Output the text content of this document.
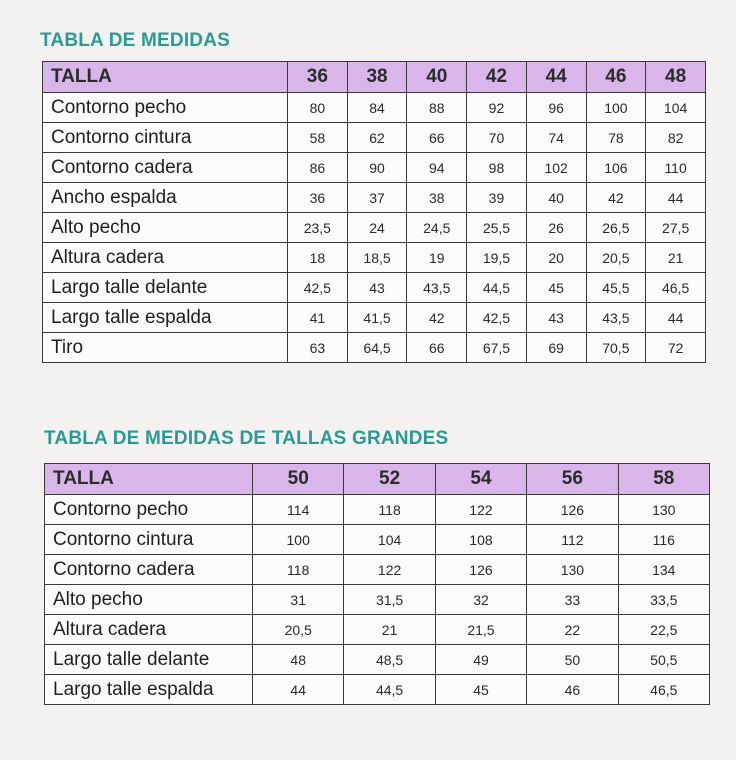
TABLA DE MEDIDAS
TALLA	36	38	40	42	44	46	48
Contorno pecho	80	84	88	92	96	100	104
Contorno cintura	58	62	66	70	74	78	82
Contorno cadera	86	90	94	98	102	106	110
Ancho espalda	36	37	38	39	40	42	44
Alto pecho	23,5	24	24,5	25,5	26	26,5	27,5
Altura cadera	18	18,5	19	19,5	20	20,5	21
Largo talle delante	42,5	43	43,5	44,5	45	45,5	46,5
Largo talle espalda	41	41,5	42	42,5	43	43,5	44
Tiro	63	64,5	66	67,5	69	70,5	72
TABLA DE MEDIDAS DE TALLAS GRANDES
TALLA	50	52	54	56	58
Contorno pecho	114	118	122	126	130
Contorno cintura	100	104	108	112	116
Contorno cadera	118	122	126	130	134
Alto pecho	31	31,5	32	33	33,5
Altura cadera	20,5	21	21,5	22	22,5
Largo talle delante	48	48,5	49	50	50,5
Largo talle espalda	44	44,5	45	46	46,5
